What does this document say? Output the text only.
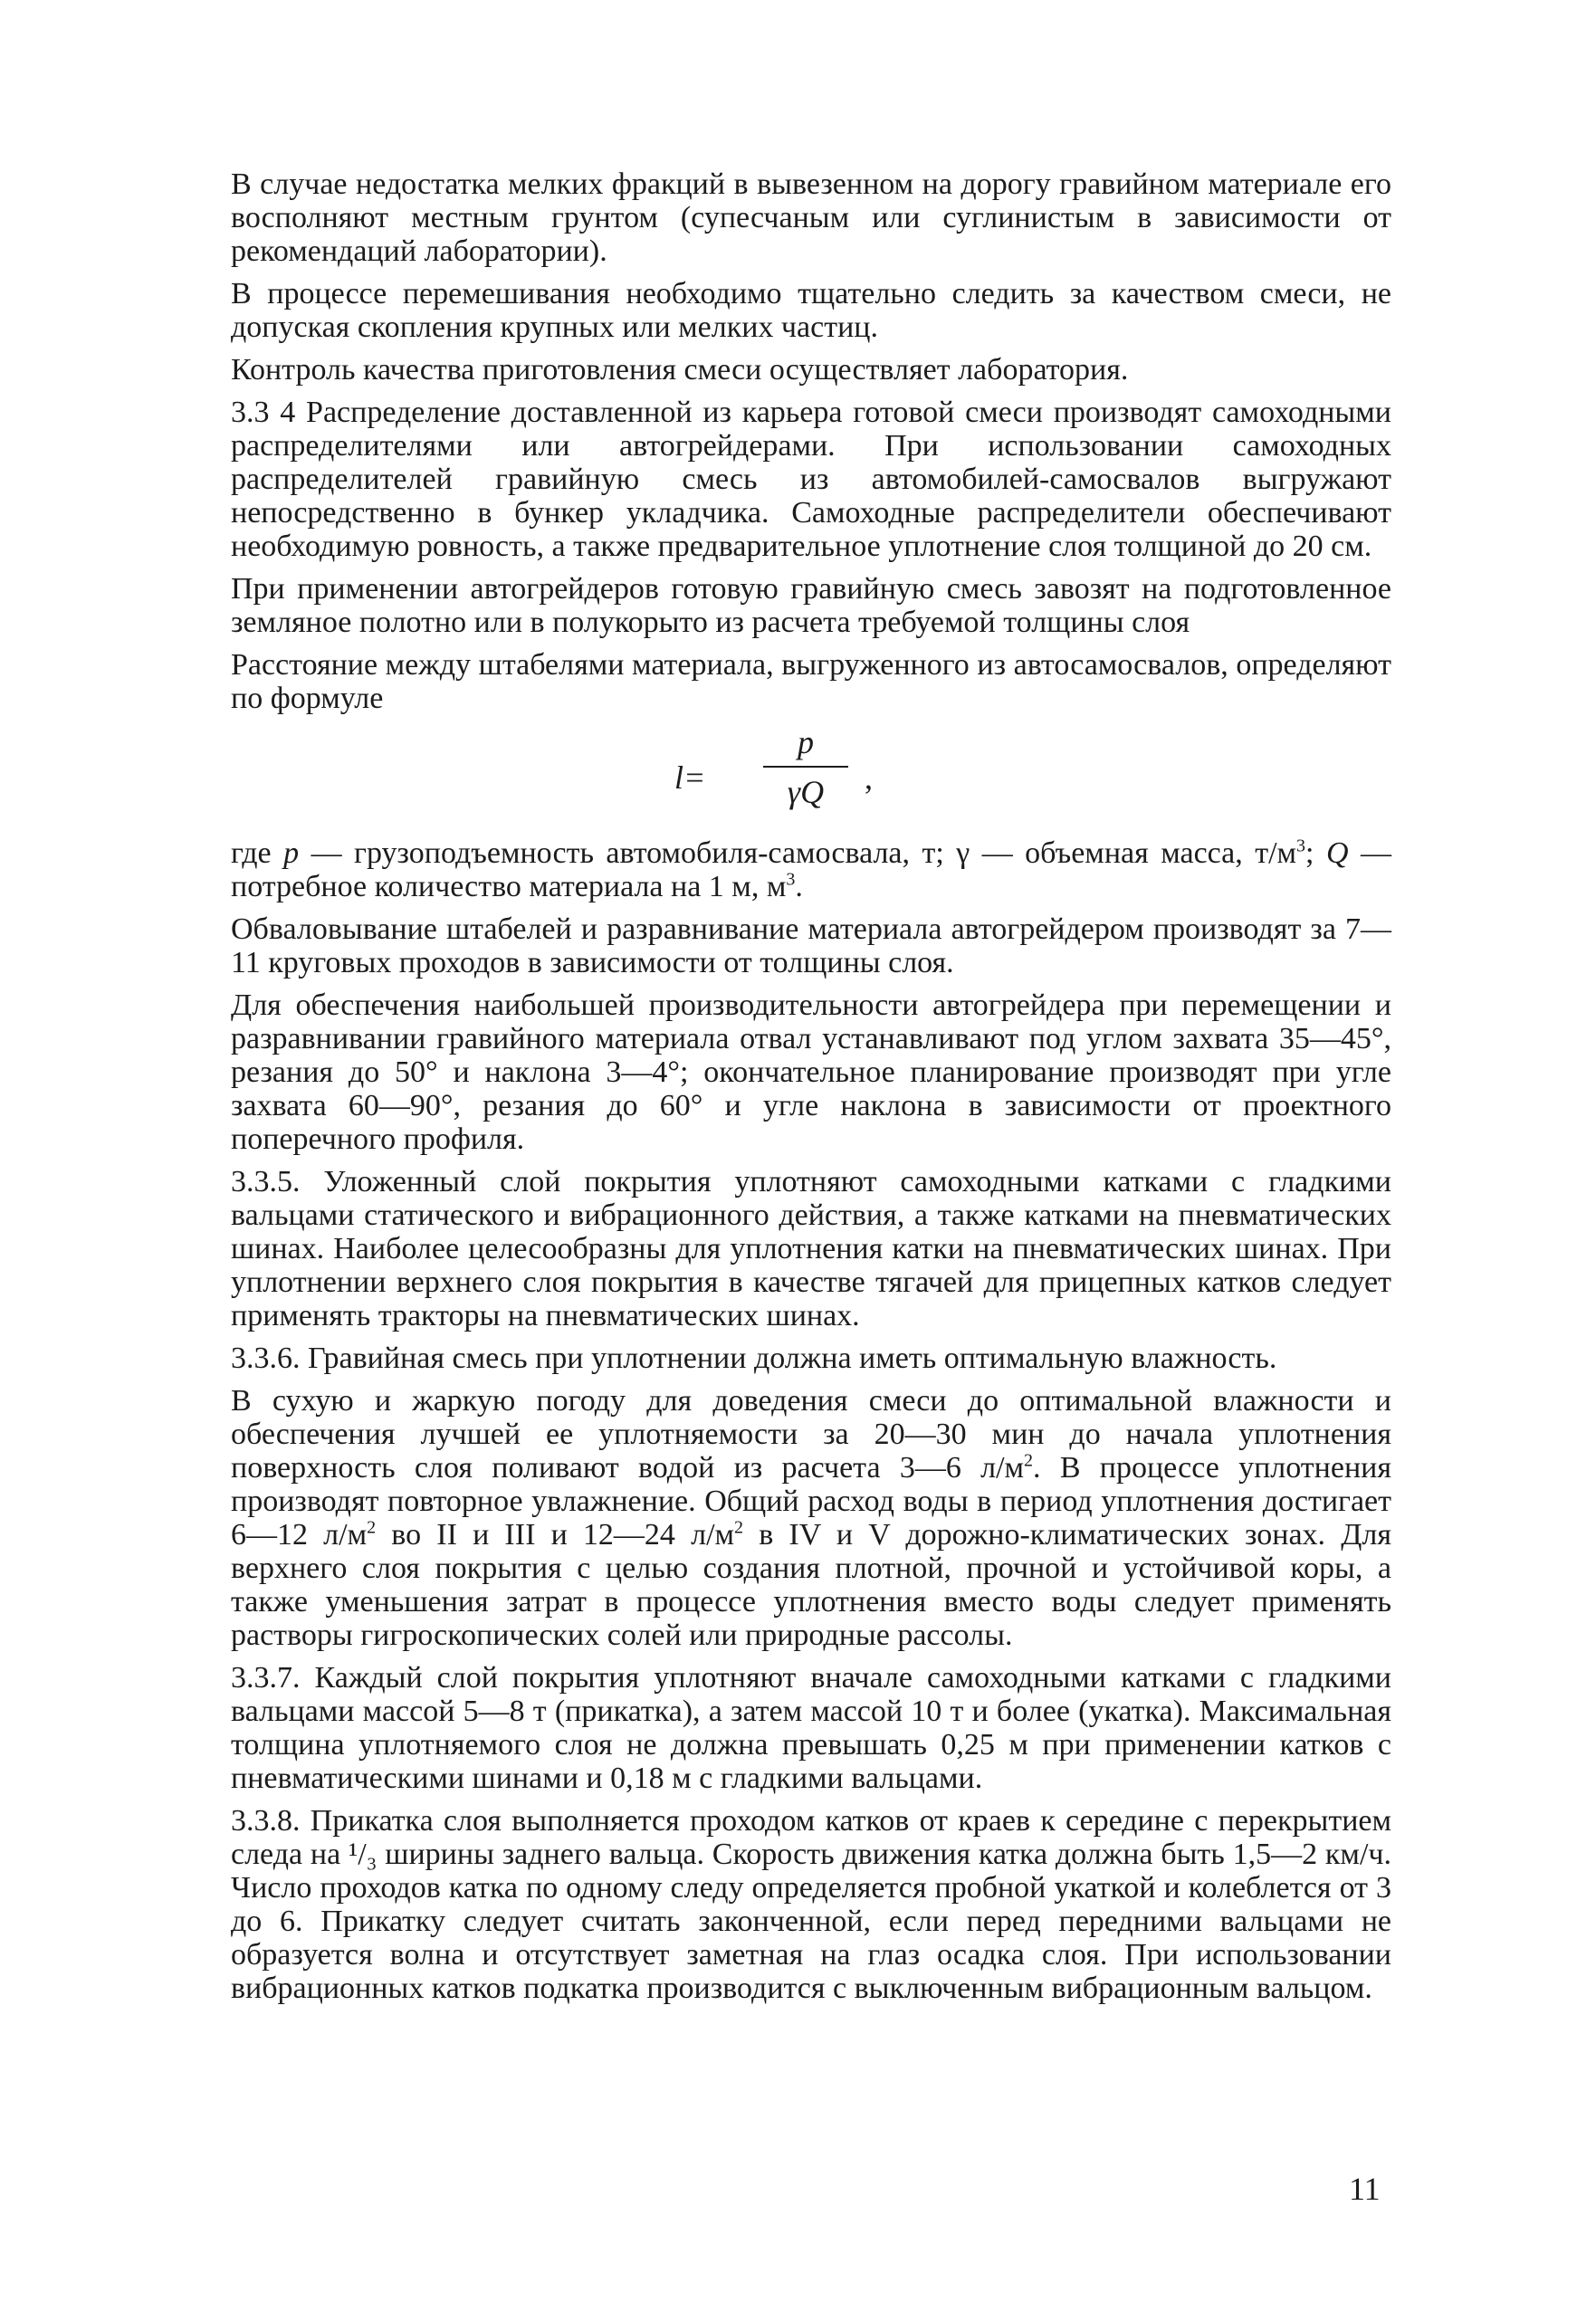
В случае недостатка мелких фракций в вывезенном на дорогу гравийном материале его восполняют местным грунтом (супесчаным или суглинистым в зависимости от рекомендаций лаборатории).

В процессе перемешивания необходимо тщательно следить за качеством смеси, не допуская скопления крупных или мелких частиц.

Контроль качества приготовления смеси осуществляет лаборатория.

3.3 4 Распределение доставленной из карьера готовой смеси производят самоходными распределителями или автогрейдерами. При использовании самоходных распределителей гравийную смесь из автомобилей-самосвалов выгружают непосредственно в бункер укладчика. Самоходные распределители обеспечивают необходимую ровность, а также предварительное уплотнение слоя толщиной до 20 см.

При применении автогрейдеров готовую гравийную смесь завозят на подготовленное земляное полотно или в полукорыто из расчета требуемой толщины слоя

Расстояние между штабелями материала, выгруженного из автосамосвалов, определяют по формуле

l=
p
γQ	,

где p — грузоподъемность автомобиля-самосвала, т; γ — объемная масса, $т/м^3$; Q — потребное количество материала на 1 м, $м^3$.

Обваловывание штабелей и разравнивание материала автогрейдером производят за 7—11 круговых проходов в зависимости от толщины слоя.

Для обеспечения наибольшей производительности автогрейдера при перемещении и разравнивании гравийного материала отвал устанавливают под углом захвата 35—45°, резания до 50° и наклона 3—4°; окончательное планирование производят при угле захвата 60—90°, резания до 60° и угле наклона в зависимости от проектного поперечного профиля.

3.3.5. Уложенный слой покрытия уплотняют самоходными катками с гладкими вальцами статического и вибрационного действия, а также катками на пневматических шинах. Наиболее целесообразны для уплотнения катки на пневматических шинах. При уплотнении верхнего слоя покрытия в качестве тягачей для прицепных катков следует применять тракторы на пневматических шинах.

3.3.6. Гравийная смесь при уплотнении должна иметь оптимальную влажность.

В сухую и жаркую погоду для доведения смеси до оптимальной влажности и обеспечения лучшей ее уплотняемости за 20—30 мин до начала уплотнения поверхность слоя поливают водой из расчета 3—6 $л/м^2$. В процессе уплотнения производят повторное увлажнение. Общий расход воды в период уплотнения достигает 6—12 $л/м^2$ во II и III и 12—24 $л/м^2$ в IV и V дорожно-климатических зонах. Для верхнего слоя покрытия с целью создания плотной, прочной и устойчивой коры, а также уменьшения затрат в процессе уплотнения вместо воды следует применять растворы гигроскопических солей или природные рассолы.

3.3.7. Каждый слой покрытия уплотняют вначале самоходными катками с гладкими вальцами массой 5—8 т (прикатка), а затем массой 10 т и более (укатка). Максимальная толщина уплотняемого слоя не должна превышать 0,25 м при применении катков с пневматическими шинами и 0,18 м с гладкими вальцами.

3.3.8. Прикатка слоя выполняется проходом катков от краев к середине с перекрытием следа на ¹/₃ ширины заднего вальца. Скорость движения катка должна быть 1,5—2 км/ч. Число проходов катка по одному следу определяется пробной укаткой и колеблется от 3 до 6. Прикатку следует считать законченной, если перед передними вальцами не образуется волна и отсутствует заметная на глаз осадка слоя. При использовании вибрационных катков подкатка производится с выключенным вибрационным вальцом.

11
